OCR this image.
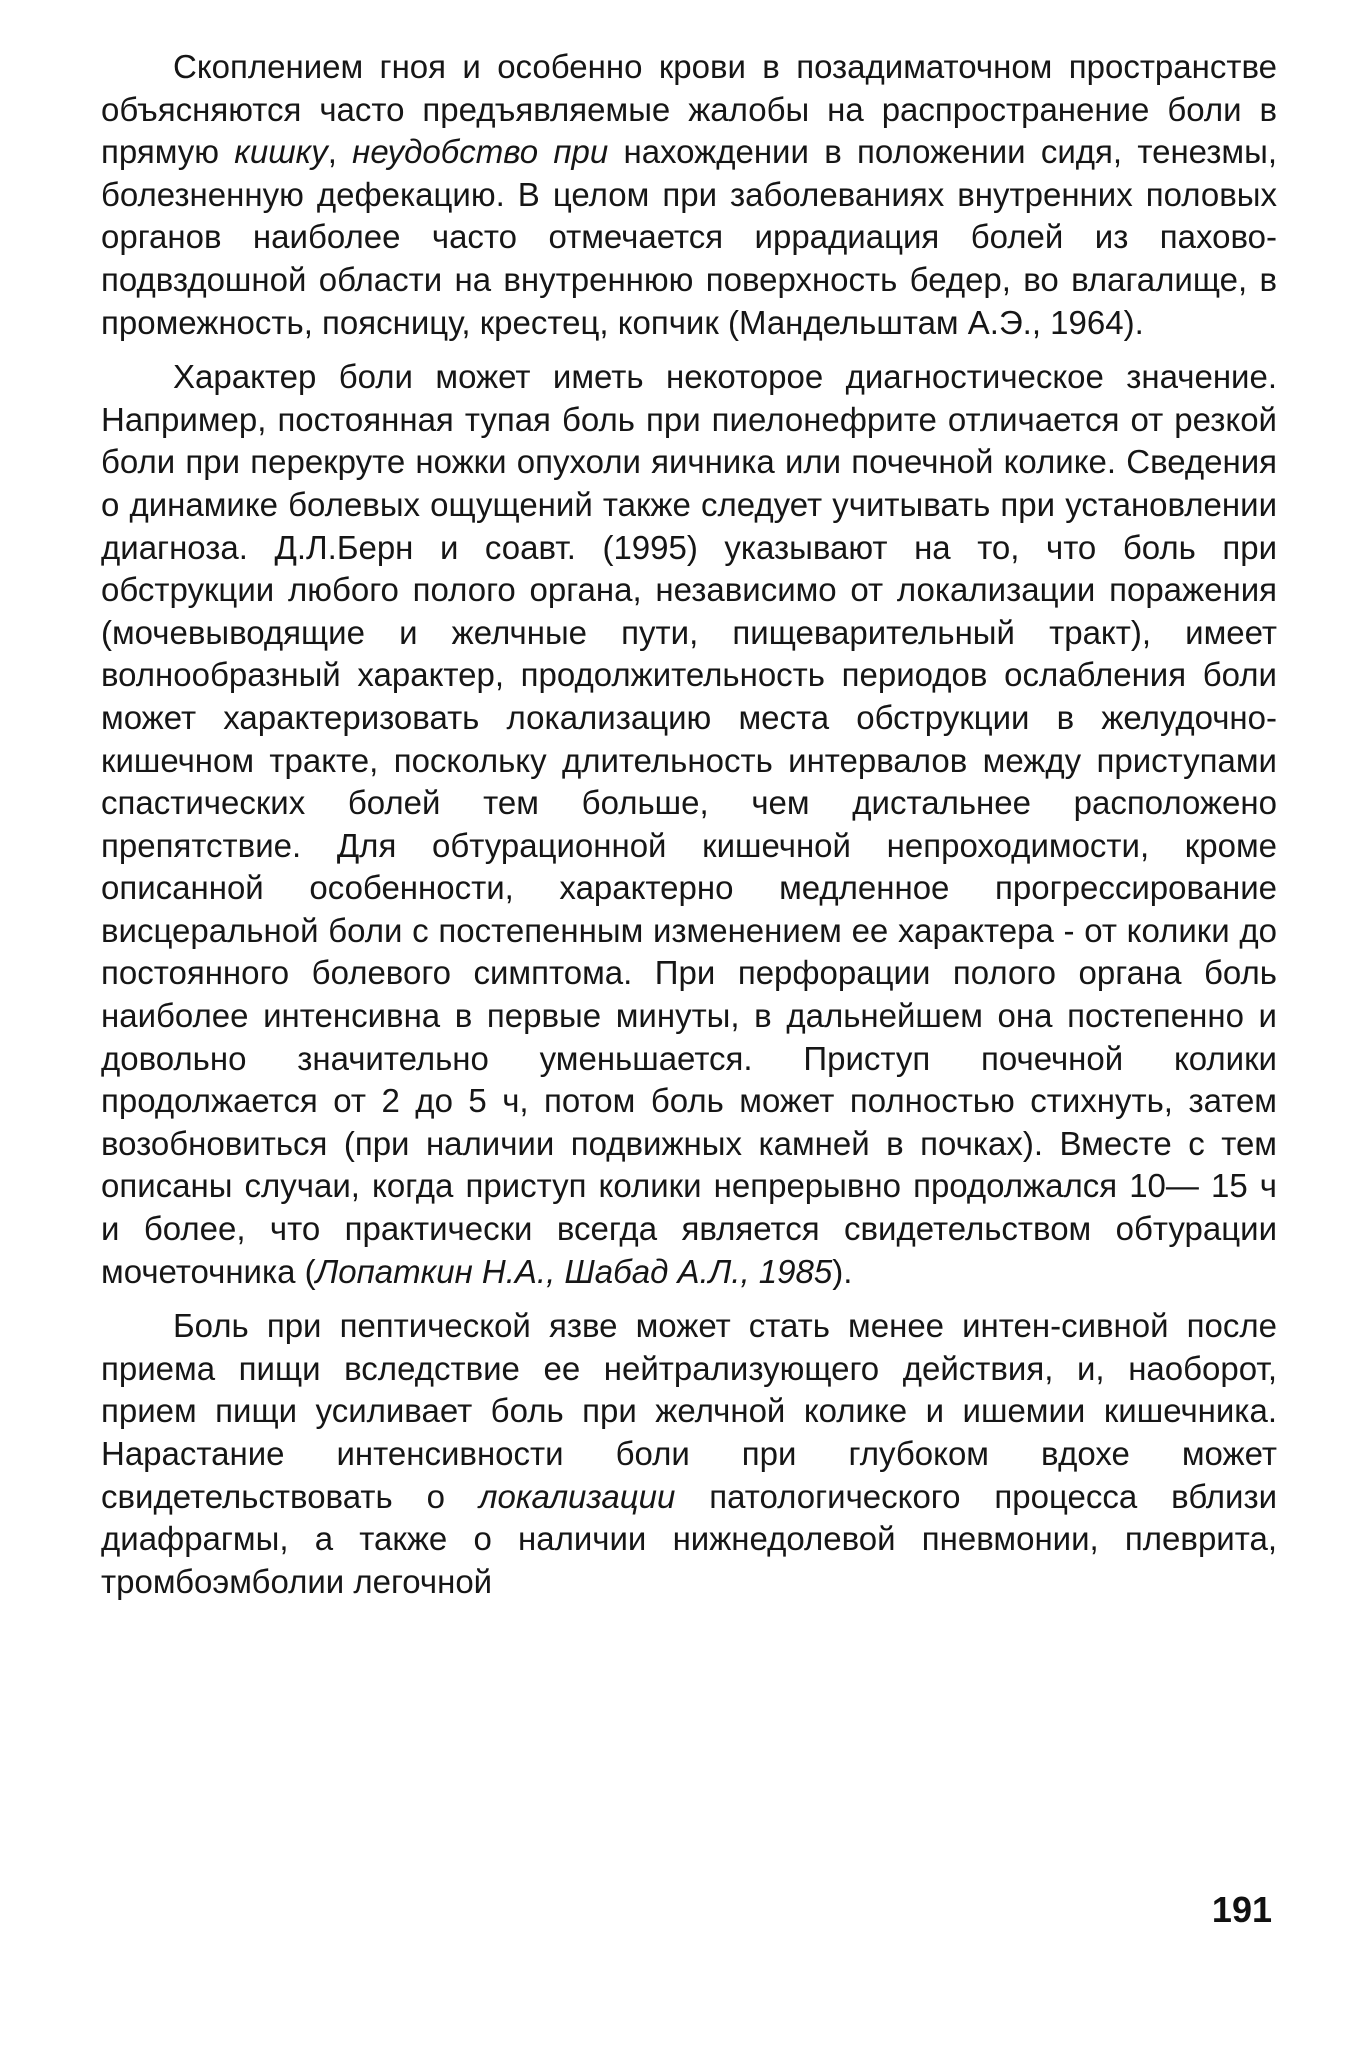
Скоплением гноя и особенно крови в позадиматочном пространстве объясняются часто предъявляемые жалобы на распространение боли в прямую кишку, неудобство при нахождении в положении сидя, тенезмы, болезненную дефекацию. В целом при заболеваниях внутренних половых органов наиболее часто отмечается иррадиация болей из пахово-подвздошной области на внутреннюю поверхность бедер, во влагалище, в промежность, поясницу, крестец, копчик (Мандельштам А.Э., 1964).

Характер боли может иметь некоторое диагностическое значение. Например, постоянная тупая боль при пиелонефрите отличается от резкой боли при перекруте ножки опухоли яичника или почечной колике. Сведения о динамике болевых ощущений также следует учитывать при установлении диагноза. Д.Л.Берн и соавт. (1995) указывают на то, что боль при обструкции любого полого органа, независимо от локализации поражения (мочевыводящие и желчные пути, пищеварительный тракт), имеет волнообразный характер, продолжительность периодов ослабления боли может характеризовать локализацию места обструкции в желудочно-кишечном тракте, поскольку длительность интервалов между приступами спастических болей тем больше, чем дистальнее расположено препятствие. Для обтурационной кишечной непроходимости, кроме описанной особенности, характерно медленное прогрессирование висцеральной боли с постепенным изменением ее характера - от колики до постоянного болевого симптома. При перфорации полого органа боль наиболее интенсивна в первые минуты, в дальнейшем она постепенно и довольно значительно уменьшается. Приступ почечной колики продолжается от 2 до 5 ч, потом боль может полностью стихнуть, затем возобновиться (при наличии подвижных камней в почках). Вместе с тем описаны случаи, когда приступ колики непрерывно продолжался 10— 15 ч и более, что практически всегда является свидетельством обтурации мочеточника (Лопаткин Н.А., Шабад А.Л., 1985).

Боль при пептической язве может стать менее интен-сивной после приема пищи вследствие ее нейтрализующего действия, и, наоборот, прием пищи усиливает боль при желчной колике и ишемии кишечника. Нарастание интенсивности боли при глубоком вдохе может свидетельствовать о локализации патологического процесса вблизи диафрагмы, а также о наличии нижнедолевой пневмонии, плеврита, тромбоэмболии легочной

191
